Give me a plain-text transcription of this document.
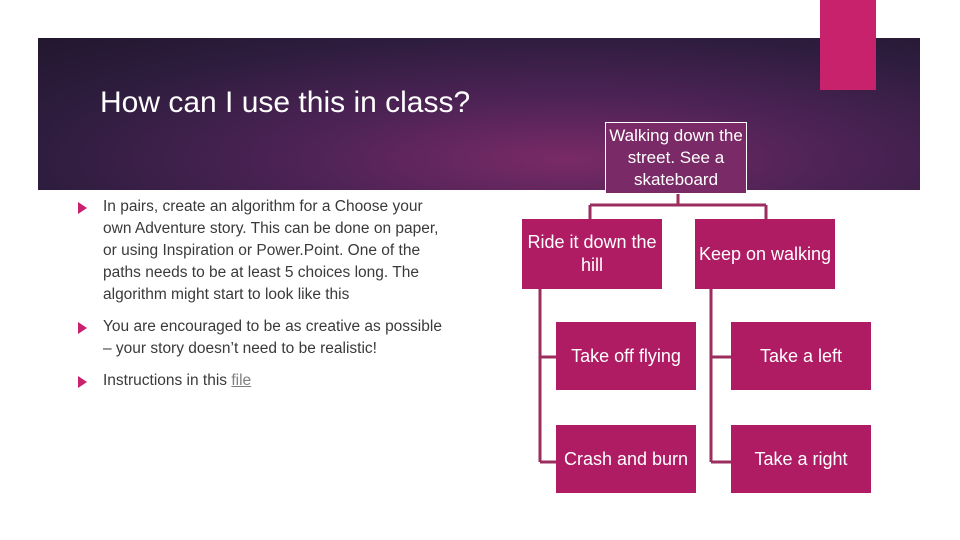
How can I use this in class?
In pairs, create an algorithm for a Choose your own Adventure story. This can be done on paper, or using Inspiration or Power.Point. One of the paths needs to be at least 5 choices long. The algorithm might start to look like this
You are encouraged to be as creative as possible – your story doesn’t need to be realistic!
Instructions in this file
Walking down the street. See a skateboard
Ride it down the hill
Keep on walking
Take off flying	Take a left
Crash and burn	Take a right
